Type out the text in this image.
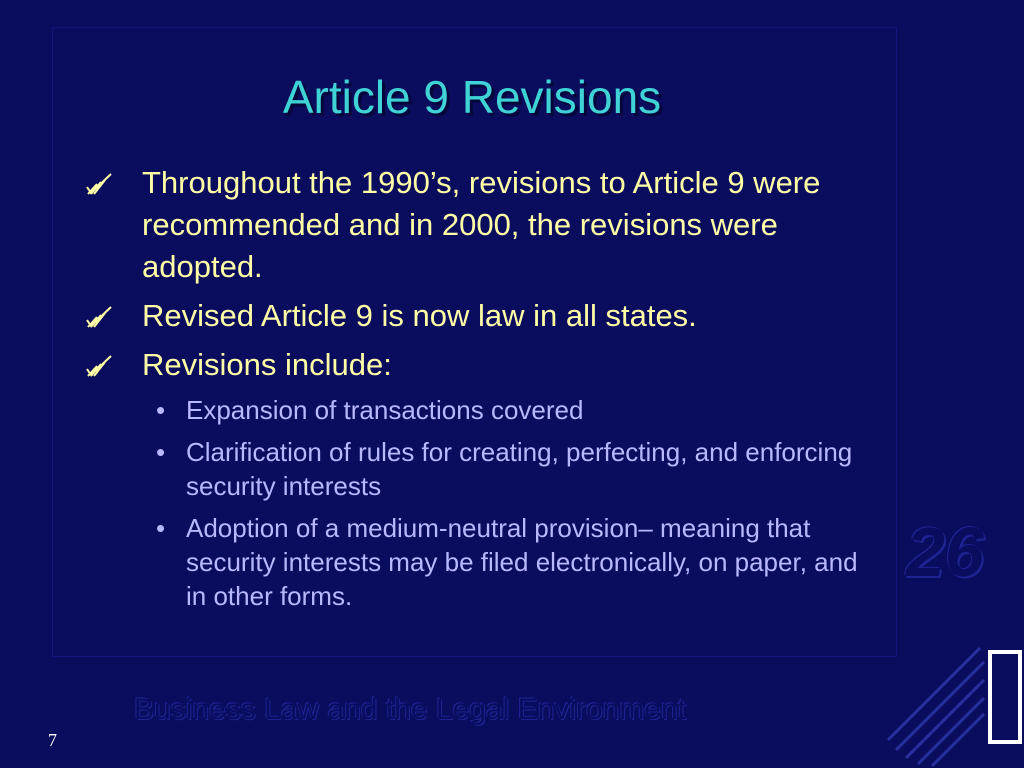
Article 9 Revisions
Throughout the 1990’s, revisions to Article 9 were recommended and in 2000, the revisions were adopted.
Revised Article 9 is now law in all states.
Revisions include:
• Expansion of transactions covered
• Clarification of rules for creating, perfecting, and enforcing security interests
• Adoption of a medium-neutral provision– meaning that security interests may be filed electronically, on paper, and in other forms.
26
Business Law and the Legal Environment
7
